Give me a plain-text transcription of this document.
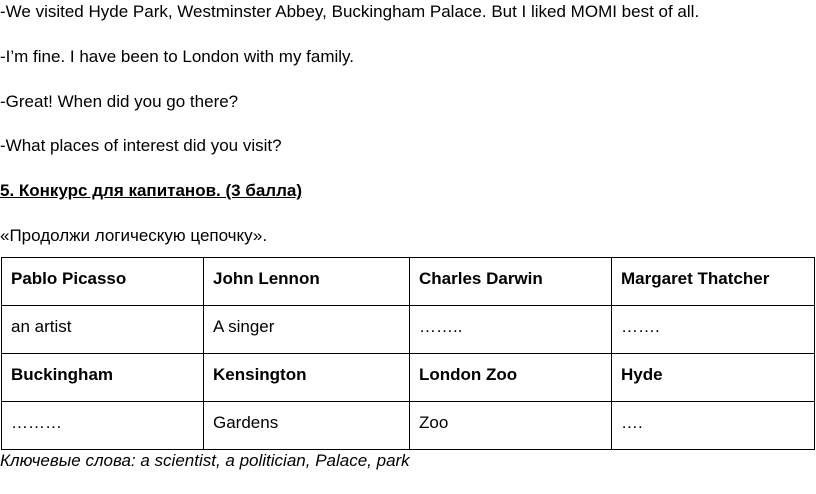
-We visited Hyde Park, Westminster Abbey, Buckingham Palace. But I liked MOMI best of all.
-I’m fine. I have been to London with my family.
-Great! When did you go there?
-What places of interest did you visit?
5. Конкурс для капитанов. (3 балла)
«Продолжи логическую цепочку».
Pablo Picasso	John Lennon	Charles Darwin	Margaret Thatcher
an artist	A singer	……..	…….
Buckingham	Kensington	London Zoo	Hyde
………	Gardens	Zoo	….
Ключевые слова: a scientist, a politician, Palace, park
